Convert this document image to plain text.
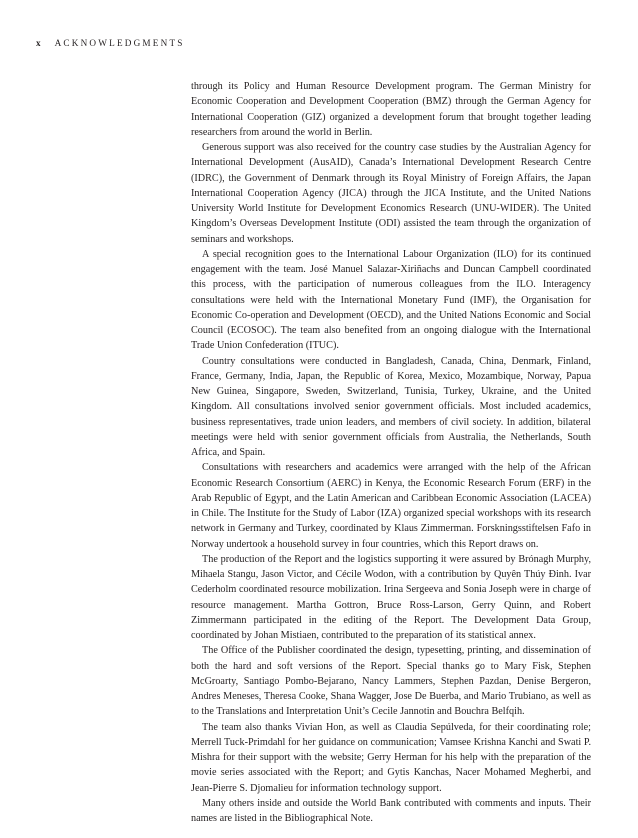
x ACKNOWLEDGMENTS

through its Policy and Human Resource Development program. The German Ministry for Economic Cooperation and Development Cooperation (BMZ) through the German Agency for International Cooperation (GIZ) organized a development forum that brought together leading researchers from around the world in Berlin.

Generous support was also received for the country case studies by the Australian Agency for International Development (AusAID), Canada’s International Development Research Centre (IDRC), the Government of Denmark through its Royal Ministry of Foreign Affairs, the Japan International Cooperation Agency (JICA) through the JICA Institute, and the United Nations University World Institute for Development Economics Research (UNU-WIDER). The United Kingdom’s Overseas Development Institute (ODI) assisted the team through the organization of seminars and workshops.

A special recognition goes to the International Labour Organization (ILO) for its continued engagement with the team. José Manuel Salazar-Xiriñachs and Duncan Campbell coordinated this process, with the participation of numerous colleagues from the ILO. Interagency consultations were held with the International Monetary Fund (IMF), the Organisation for Economic Co-operation and Development (OECD), and the United Nations Economic and Social Council (ECOSOC). The team also benefited from an ongoing dialogue with the International Trade Union Confederation (ITUC).

Country consultations were conducted in Bangladesh, Canada, China, Denmark, Finland, France, Germany, India, Japan, the Republic of Korea, Mexico, Mozambique, Norway, Papua New Guinea, Singapore, Sweden, Switzerland, Tunisia, Turkey, Ukraine, and the United Kingdom. All consultations involved senior government officials. Most included academics, business representatives, trade union leaders, and members of civil society. In addition, bilateral meetings were held with senior government officials from Australia, the Netherlands, South Africa, and Spain.

Consultations with researchers and academics were arranged with the help of the African Economic Research Consortium (AERC) in Kenya, the Economic Research Forum (ERF) in the Arab Republic of Egypt, and the Latin American and Caribbean Economic Association (LACEA) in Chile. The Institute for the Study of Labor (IZA) organized special workshops with its research network in Germany and Turkey, coordinated by Klaus Zimmerman. Forskningsstiftelsen Fafo in Norway undertook a household survey in four countries, which this Report draws on.

The production of the Report and the logistics supporting it were assured by Brónagh Murphy, Mihaela Stangu, Jason Victor, and Cécile Wodon, with a contribution by Quyên Thúy Đinh. Ivar Cederholm coordinated resource mobilization. Irina Sergeeva and Sonia Joseph were in charge of resource management. Martha Gottron, Bruce Ross-Larson, Gerry Quinn, and Robert Zimmermann participated in the editing of the Report. The Development Data Group, coordinated by Johan Mistiaen, contributed to the preparation of its statistical annex.

The Office of the Publisher coordinated the design, typesetting, printing, and dissemination of both the hard and soft versions of the Report. Special thanks go to Mary Fisk, Stephen McGroarty, Santiago Pombo-Bejarano, Nancy Lammers, Stephen Pazdan, Denise Bergeron, Andres Meneses, Theresa Cooke, Shana Wagger, Jose De Buerba, and Mario Trubiano, as well as to the Translations and Interpretation Unit’s Cecile Jannotin and Bouchra Belfqih.

The team also thanks Vivian Hon, as well as Claudia Sepúlveda, for their coordinating role; Merrell Tuck-Primdahl for her guidance on communication; Vamsee Krishna Kanchi and Swati P. Mishra for their support with the website; Gerry Herman for his help with the preparation of the movie series associated with the Report; and Gytis Kanchas, Nacer Mohamed Megherbi, and Jean-Pierre S. Djomalieu for information technology support.

Many others inside and outside the World Bank contributed with comments and inputs. Their names are listed in the Bibliographical Note.
